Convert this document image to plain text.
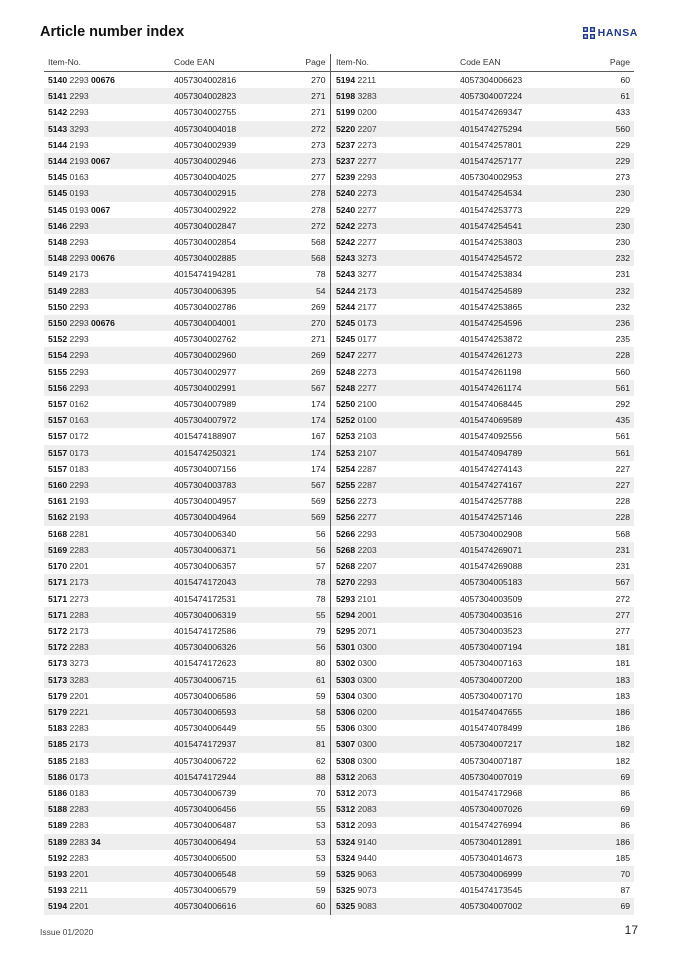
Article number index	HANSA
Item-No.	Code EAN	Page		Item-No.	Code EAN	Page
5140 2293 00676	4057304002816	270		5194 2211	4057304006623	60
5141 2293	4057304002823	271		5198 3283	4057304007224	61
5142 2293	4057304002755	271		5199 0200	4015474269347	433
5143 3293	4057304004018	272		5220 2207	4015474275294	560
5144 2193	4057304002939	273		5237 2273	4015474257801	229
5144 2193 0067	4057304002946	273		5237 2277	4015474257177	229
5145 0163	4057304004025	277		5239 2293	4057304002953	273
5145 0193	4057304002915	278		5240 2273	4015474254534	230
5145 0193 0067	4057304002922	278		5240 2277	4015474253773	229
5146 2293	4057304002847	272		5242 2273	4015474254541	230
5148 2293	4057304002854	568		5242 2277	4015474253803	230
5148 2293 00676	4057304002885	568		5243 3273	4015474254572	232
5149 2173	4015474194281	78		5243 3277	4015474253834	231
5149 2283	4057304006395	54		5244 2173	4015474254589	232
5150 2293	4057304002786	269		5244 2177	4015474253865	232
5150 2293 00676	4057304004001	270		5245 0173	4015474254596	236
5152 2293	4057304002762	271		5245 0177	4015474253872	235
5154 2293	4057304002960	269		5247 2277	4015474261273	228
5155 2293	4057304002977	269		5248 2273	4015474261198	560
5156 2293	4057304002991	567		5248 2277	4015474261174	561
5157 0162	4057304007989	174		5250 2100	4015474068445	292
5157 0163	4057304007972	174		5252 0100	4015474069589	435
5157 0172	4015474188907	167		5253 2103	4015474092556	561
5157 0173	4015474250321	174		5253 2107	4015474094789	561
5157 0183	4057304007156	174		5254 2287	4015474274143	227
5160 2293	4057304003783	567		5255 2287	4015474274167	227
5161 2193	4057304004957	569		5256 2273	4015474257788	228
5162 2193	4057304004964	569		5256 2277	4015474257146	228
5168 2281	4057304006340	56		5266 2293	4057304002908	568
5169 2283	4057304006371	56		5268 2203	4015474269071	231
5170 2201	4057304006357	57		5268 2207	4015474269088	231
5171 2173	4015474172043	78		5270 2293	4057304005183	567
5171 2273	4015474172531	78		5293 2101	4057304003509	272
5171 2283	4057304006319	55		5294 2001	4057304003516	277
5172 2173	4015474172586	79		5295 2071	4057304003523	277
5172 2283	4057304006326	56		5301 0300	4057304007194	181
5173 3273	4015474172623	80		5302 0300	4057304007163	181
5173 3283	4057304006715	61		5303 0300	4057304007200	183
5179 2201	4057304006586	59		5304 0300	4057304007170	183
5179 2221	4057304006593	58		5306 0200	4015474047655	186
5183 2283	4057304006449	55		5306 0300	4015474078499	186
5185 2173	4015474172937	81		5307 0300	4057304007217	182
5185 2183	4057304006722	62		5308 0300	4057304007187	182
5186 0173	4015474172944	88		5312 2063	4057304007019	69
5186 0183	4057304006739	70		5312 2073	4015474172968	86
5188 2283	4057304006456	55		5312 2083	4057304007026	69
5189 2283	4057304006487	53		5312 2093	4015474276994	86
5189 2283 34	4057304006494	53		5324 9140	4057304012891	186
5192 2283	4057304006500	53		5324 9440	4057304014673	185
5193 2201	4057304006548	59		5325 9063	4057304006999	70
5193 2211	4057304006579	59		5325 9073	4015474173545	87
5194 2201	4057304006616	60		5325 9083	4057304007002	69
Issue 01/2020	17
